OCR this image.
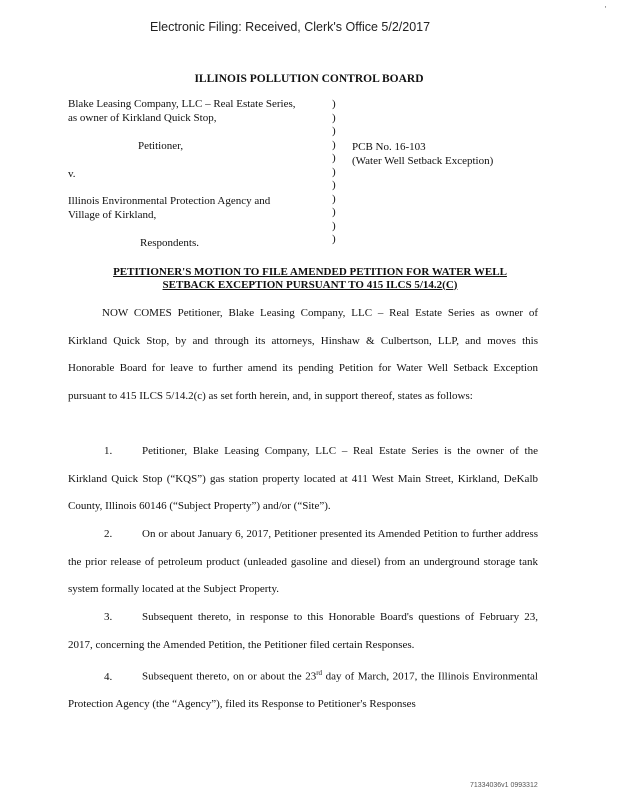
Electronic Filing: Received, Clerk's Office 5/2/2017
·
ILLINOIS POLLUTION CONTROL BOARD
Blake Leasing Company, LLC – Real Estate Series,
as owner of Kirkland Quick Stop,
Petitioner,
v.
Illinois Environmental Protection Agency and
Village of Kirkland,
Respondents.
)
)
)
)
)
)
)
)
)
)
)
PCB No. 16-103
(Water Well Setback Exception)
PETITIONER'S MOTION TO FILE AMENDED PETITION FOR WATER WELL
SETBACK EXCEPTION PURSUANT TO 415 ILCS 5/14.2(C)
NOW COMES Petitioner, Blake Leasing Company, LLC – Real Estate Series as owner of Kirkland Quick Stop, by and through its attorneys, Hinshaw & Culbertson, LLP, and moves this Honorable Board for leave to further amend its pending Petition for Water Well Setback Exception pursuant to 415 ILCS 5/14.2(c) as set forth herein, and, in support thereof, states as follows:
1.	Petitioner, Blake Leasing Company, LLC – Real Estate Series is the owner of the Kirkland Quick Stop (“KQS”) gas station property located at 411 West Main Street, Kirkland, DeKalb County, Illinois 60146 (“Subject Property”) and/or (“Site”).
2.	On or about January 6, 2017, Petitioner presented its Amended Petition to further address the prior release of petroleum product (unleaded gasoline and diesel) from an underground storage tank system formally located at the Subject Property.
3.	Subsequent thereto, in response to this Honorable Board's questions of February 23, 2017, concerning the Amended Petition, the Petitioner filed certain Responses.
4.	Subsequent thereto, on or about the 23rd day of March, 2017, the Illinois Environmental Protection Agency (the “Agency”), filed its Response to Petitioner's Responses
71334036v1 0993312
